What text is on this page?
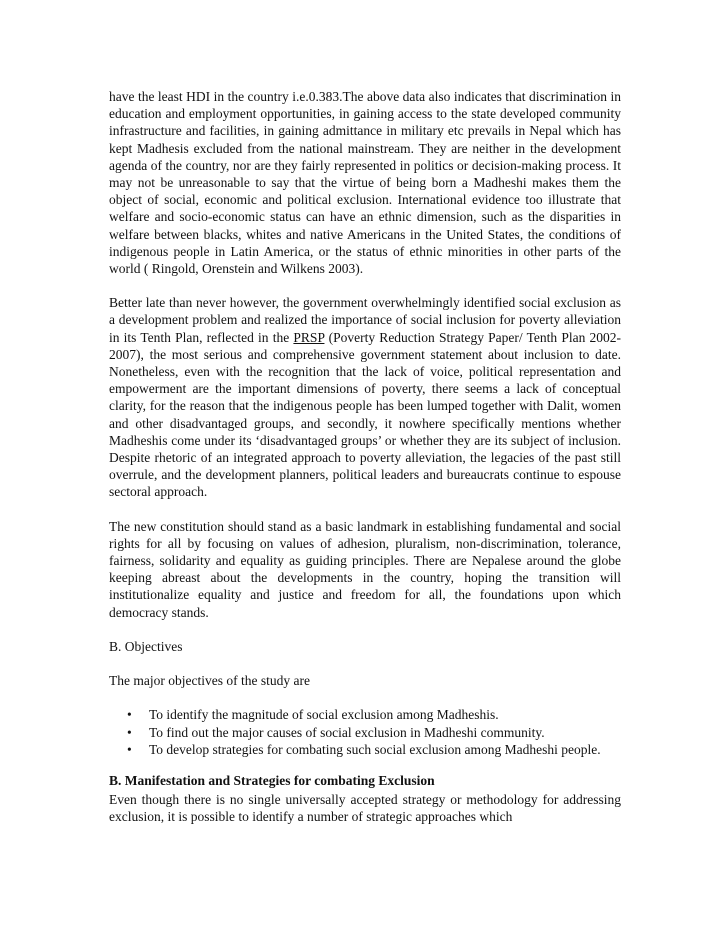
have the least HDI in the country i.e.0.383.The above data also indicates that discrimination in education and employment opportunities, in gaining access to the state developed community infrastructure and facilities, in gaining admittance in military etc prevails in Nepal which has kept Madhesis excluded from the national mainstream. They are neither in the development agenda of the country, nor are they fairly represented in politics or decision-making process. It may not be unreasonable to say that the virtue of being born a Madheshi makes them the object of social, economic and political exclusion. International evidence too illustrate that welfare and socio-economic status can have an ethnic dimension, such as the disparities in welfare between blacks, whites and native Americans in the United States, the conditions of indigenous people in Latin America, or the status of ethnic minorities in other parts of the world ( Ringold, Orenstein and Wilkens 2003).

Better late than never however, the government overwhelmingly identified social exclusion as a development problem and realized the importance of social inclusion for poverty alleviation in its Tenth Plan, reflected in the PRSP (Poverty Reduction Strategy Paper/ Tenth Plan 2002-2007), the most serious and comprehensive government statement about inclusion to date. Nonetheless, even with the recognition that the lack of voice, political representation and empowerment are the important dimensions of poverty, there seems a lack of conceptual clarity, for the reason that the indigenous people has been lumped together with Dalit, women and other disadvantaged groups, and secondly, it nowhere specifically mentions whether Madheshis come under its ‘disadvantaged groups’ or whether they are its subject of inclusion. Despite rhetoric of an integrated approach to poverty alleviation, the legacies of the past still overrule, and the development planners, political leaders and bureaucrats continue to espouse sectoral approach.

The new constitution should stand as a basic landmark in establishing fundamental and social rights for all by focusing on values of adhesion, pluralism, non-discrimination, tolerance, fairness, solidarity and equality as guiding principles. There are Nepalese around the globe keeping abreast about the developments in the country, hoping the transition will institutionalize equality and justice and freedom for all, the foundations upon which democracy stands.

B. Objectives

The major objectives of the study are

• To identify the magnitude of social exclusion among Madheshis.
• To find out the major causes of social exclusion in Madheshi community.
• To develop strategies for combating such social exclusion among Madheshi people.

B. Manifestation and Strategies for combating Exclusion

Even though there is no single universally accepted strategy or methodology for addressing exclusion, it is possible to identify a number of strategic approaches which
